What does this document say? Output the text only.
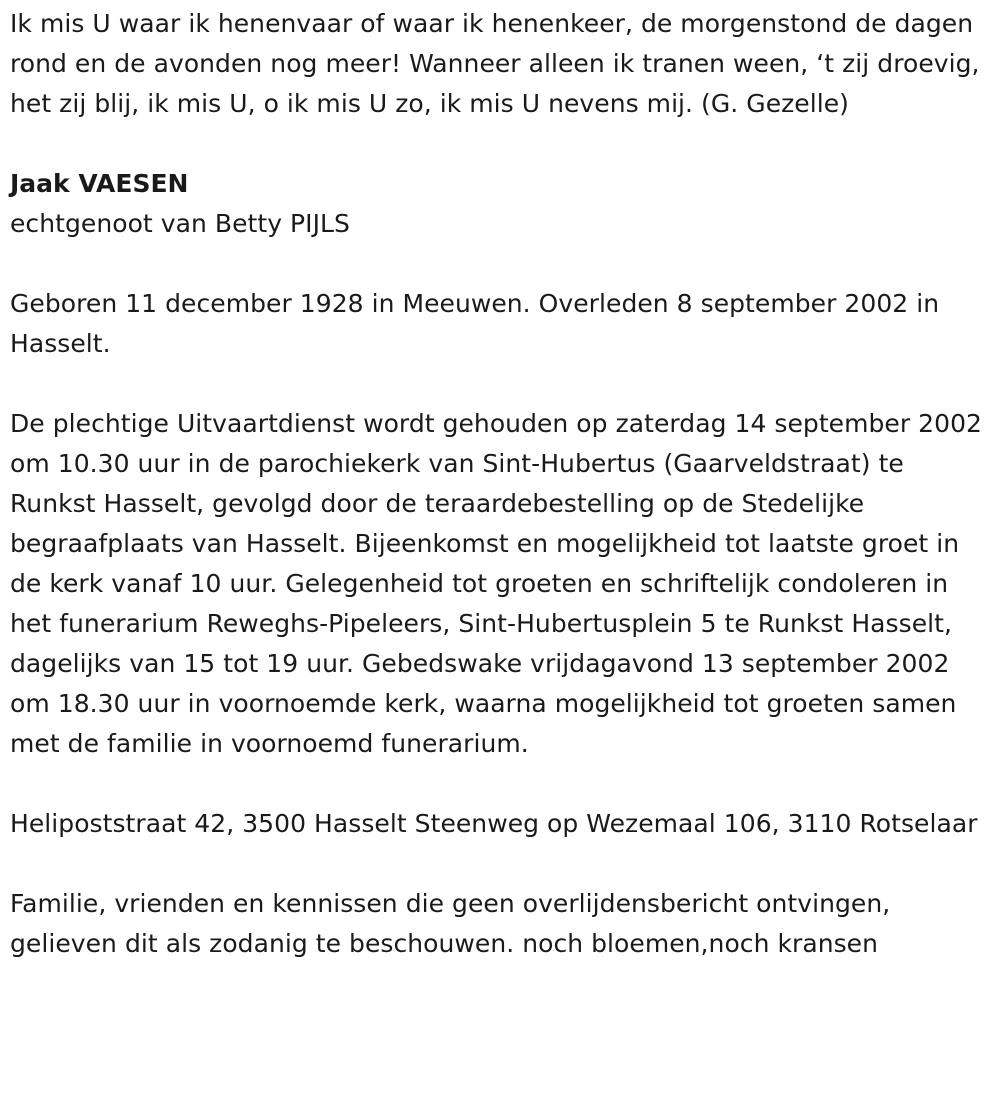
Ik mis U waar ik henenvaar of waar ik henenkeer, de morgenstond de dagen rond en de avonden nog meer! Wanneer alleen ik tranen ween, ‘t zij droevig, het zij blij, ik mis U, o ik mis U zo, ik mis U nevens mij. (G. Gezelle)

Jaak VAESEN

echtgenoot van Betty PIJLS

Geboren 11 december 1928 in Meeuwen. Overleden 8 september 2002 in Hasselt.

De plechtige Uitvaartdienst wordt gehouden op zaterdag 14 september 2002 om 10.30 uur in de parochiekerk van Sint-Hubertus (Gaarveldstraat) te Runkst Hasselt, gevolgd door de teraardebestelling op de Stedelijke begraafplaats van Hasselt. Bijeenkomst en mogelijkheid tot laatste groet in de kerk vanaf 10 uur. Gelegenheid tot groeten en schriftelijk condoleren in het funerarium Reweghs-Pipeleers, Sint-Hubertusplein 5 te Runkst Hasselt, dagelijks van 15 tot 19 uur. Gebedswake vrijdagavond 13 september 2002 om 18.30 uur in voornoemde kerk, waarna mogelijkheid tot groeten samen met de familie in voornoemd funerarium.

Helipoststraat 42, 3500 Hasselt Steenweg op Wezemaal 106, 3110 Rotselaar

Familie, vrienden en kennissen die geen overlijdensbericht ontvingen, gelieven dit als zodanig te beschouwen. noch bloemen,noch kransen
